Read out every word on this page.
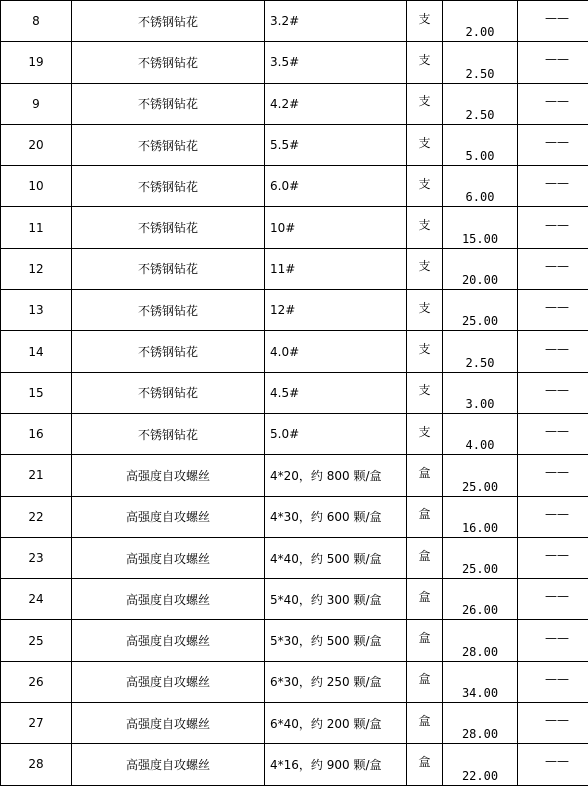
8	不锈钢钻花	3.2#	支	2.00	——

19	不锈钢钻花	3.5#	支	2.50	——

9	不锈钢钻花	4.2#	支	2.50	——

20	不锈钢钻花	5.5#	支	5.00	——

10	不锈钢钻花	6.0#	支	6.00	——

11	不锈钢钻花	10#	支	15.00	——

12	不锈钢钻花	11#	支	20.00	——

13	不锈钢钻花	12#	支	25.00	——

14	不锈钢钻花	4.0#	支	2.50	——

15	不锈钢钻花	4.5#	支	3.00	——

16	不锈钢钻花	5.0#	支	4.00	——

21	高强度自攻螺丝	4*20，约 800 颗/盒	盒	25.00	——

22	高强度自攻螺丝	4*30，约 600 颗/盒	盒	16.00	——

23	高强度自攻螺丝	4*40，约 500 颗/盒	盒	25.00	——

24	高强度自攻螺丝	5*40，约 300 颗/盒	盒	26.00	——

25	高强度自攻螺丝	5*30，约 500 颗/盒	盒	28.00	——

26	高强度自攻螺丝	6*30，约 250 颗/盒	盒	34.00	——

27	高强度自攻螺丝	6*40，约 200 颗/盒	盒	28.00	——

28	高强度自攻螺丝	4*16，约 900 颗/盒	盒	22.00	——
